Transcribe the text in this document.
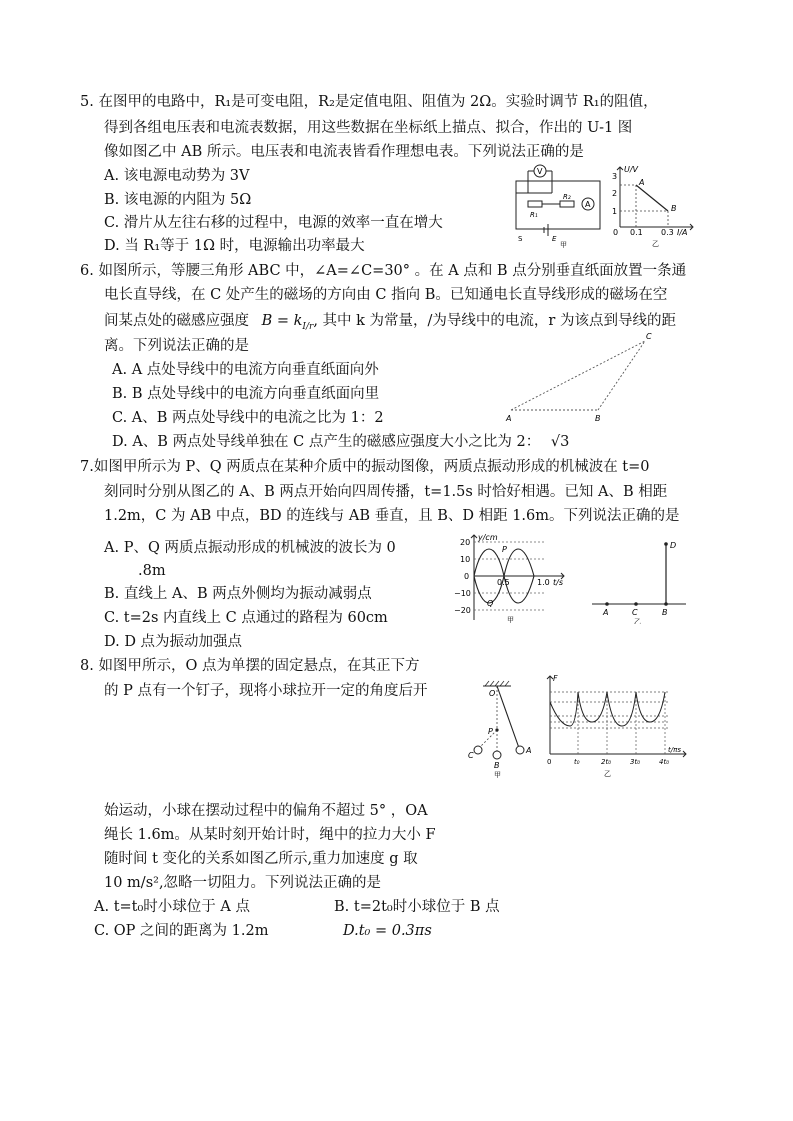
5. 在图甲的电路中，R₁是可变电阻，R₂是定值电阻、阻值为 2Ω。实验时调节 R₁的阻值，
得到各组电压表和电流表数据，用这些数据在坐标纸上描点、拟合，作出的 U-1 图
像如图乙中 AB 所示。电压表和电流表皆看作理想电表。下列说法正确的是
A. 该电源电动势为 3V
B. 该电源的内阻为 5Ω
C. 滑片从左往右移的过程中，电源的效率一直在增大
D. 当 R₁等于 1Ω 时，电源输出功率最大
V
A
R₁
R₂
S	E
甲
U/V
I/A
3
2
1
0 0.1 0.3
A
B
乙
6. 如图所示，等腰三角形 ABC 中，∠A=∠C=30° 。在 A 点和 B 点分别垂直纸面放置一条通
电长直导线，在 C 处产生的磁场的方向由 C 指向 B。已知通电长直导线形成的磁场在空
间某点处的磁感应强度 $B = k_{I/r}$, 其中 k 为常量，/为导线中的电流，r 为该点到导线的距
离。下列说法正确的是
A. A 点处导线中的电流方向垂直纸面向外
B. B 点处导线中的电流方向垂直纸面向里
C. A、B 两点处导线中的电流之比为 1：2
D. A、B 两点处导线单独在 C 点产生的磁感应强度大小之比为 2： √3
A	B
C
7.如图甲所示为 P、Q 两质点在某种介质中的振动图像，两质点振动形成的机械波在 t=0
刻同时分别从图乙的 A、B 两点开始向四周传播，t=1.5s 时恰好相遇。已知 A、B 相距
1.2m，C 为 AB 中点，BD 的连线与 AB 垂直，且 B、D 相距 1.6m。下列说法正确的是
A. P、Q 两质点振动形成的机械波的波长为 0
.8m
B. 直线上 A、B 两点外侧均为振动减弱点
C. t=2s 内直线上 C 点通过的路程为 60cm
D. D 点为振动加强点
y/cm
t/s
20
10
0
−10
−20
0.5	1.0
P
Q
甲
A	C	B
D
乙
8. 如图甲所示，O 点为单摆的固定悬点，在其正下方
的 P 点有一个钉子，现将小球拉开一定的角度后开	O
P
A
B
C
甲
F
t/πs
0	t₀	2t₀	3t₀	4t₀
乙
始运动，小球在摆动过程中的偏角不超过 5° ，OA
绳长 1.6m。从某时刻开始计时，绳中的拉力大小 F
随时间 t 变化的关系如图乙所示,重力加速度 g 取
10 m/s²,忽略一切阻力。下列说法正确的是
A. t=t₀时小球位于 A 点	B. t=2t₀时小球位于 B 点
C. OP 之间的距离为 1.2m	D.t₀ = 0.3πs
